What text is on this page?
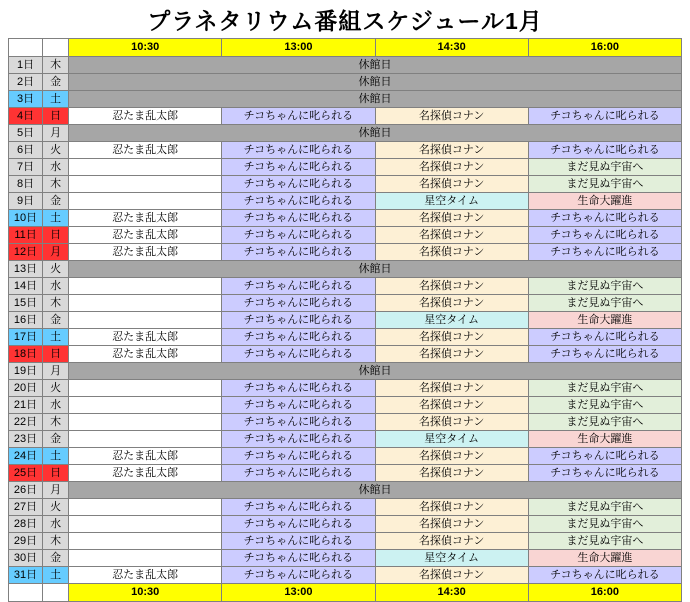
プラネタリウム番組スケジュール1月
		10:30	13:00	14:30	16:00
1日	木	休館日			
2日	金	休館日			
3日	土	休館日			
4日	日	忍たま乱太郎	チコちゃんに叱られる	名探偵コナン	チコちゃんに叱られる
5日	月	休館日			
6日	火	忍たま乱太郎	チコちゃんに叱られる	名探偵コナン	チコちゃんに叱られる
7日	水		チコちゃんに叱られる	名探偵コナン	まだ見ぬ宇宙へ
8日	木		チコちゃんに叱られる	名探偵コナン	まだ見ぬ宇宙へ
9日	金		チコちゃんに叱られる	星空タイム	生命大躍進
10日	土	忍たま乱太郎	チコちゃんに叱られる	名探偵コナン	チコちゃんに叱られる
11日	日	忍たま乱太郎	チコちゃんに叱られる	名探偵コナン	チコちゃんに叱られる
12日	月	忍たま乱太郎	チコちゃんに叱られる	名探偵コナン	チコちゃんに叱られる
13日	火	休館日			
14日	水		チコちゃんに叱られる	名探偵コナン	まだ見ぬ宇宙へ
15日	木		チコちゃんに叱られる	名探偵コナン	まだ見ぬ宇宙へ
16日	金		チコちゃんに叱られる	星空タイム	生命大躍進
17日	土	忍たま乱太郎	チコちゃんに叱られる	名探偵コナン	チコちゃんに叱られる
18日	日	忍たま乱太郎	チコちゃんに叱られる	名探偵コナン	チコちゃんに叱られる
19日	月	休館日			
20日	火		チコちゃんに叱られる	名探偵コナン	まだ見ぬ宇宙へ
21日	水		チコちゃんに叱られる	名探偵コナン	まだ見ぬ宇宙へ
22日	木		チコちゃんに叱られる	名探偵コナン	まだ見ぬ宇宙へ
23日	金		チコちゃんに叱られる	星空タイム	生命大躍進
24日	土	忍たま乱太郎	チコちゃんに叱られる	名探偵コナン	チコちゃんに叱られる
25日	日	忍たま乱太郎	チコちゃんに叱られる	名探偵コナン	チコちゃんに叱られる
26日	月	休館日			
27日	火		チコちゃんに叱られる	名探偵コナン	まだ見ぬ宇宙へ
28日	水		チコちゃんに叱られる	名探偵コナン	まだ見ぬ宇宙へ
29日	木		チコちゃんに叱られる	名探偵コナン	まだ見ぬ宇宙へ
30日	金		チコちゃんに叱られる	星空タイム	生命大躍進
31日	土	忍たま乱太郎	チコちゃんに叱られる	名探偵コナン	チコちゃんに叱られる
		10:30	13:00	14:30	16:00
